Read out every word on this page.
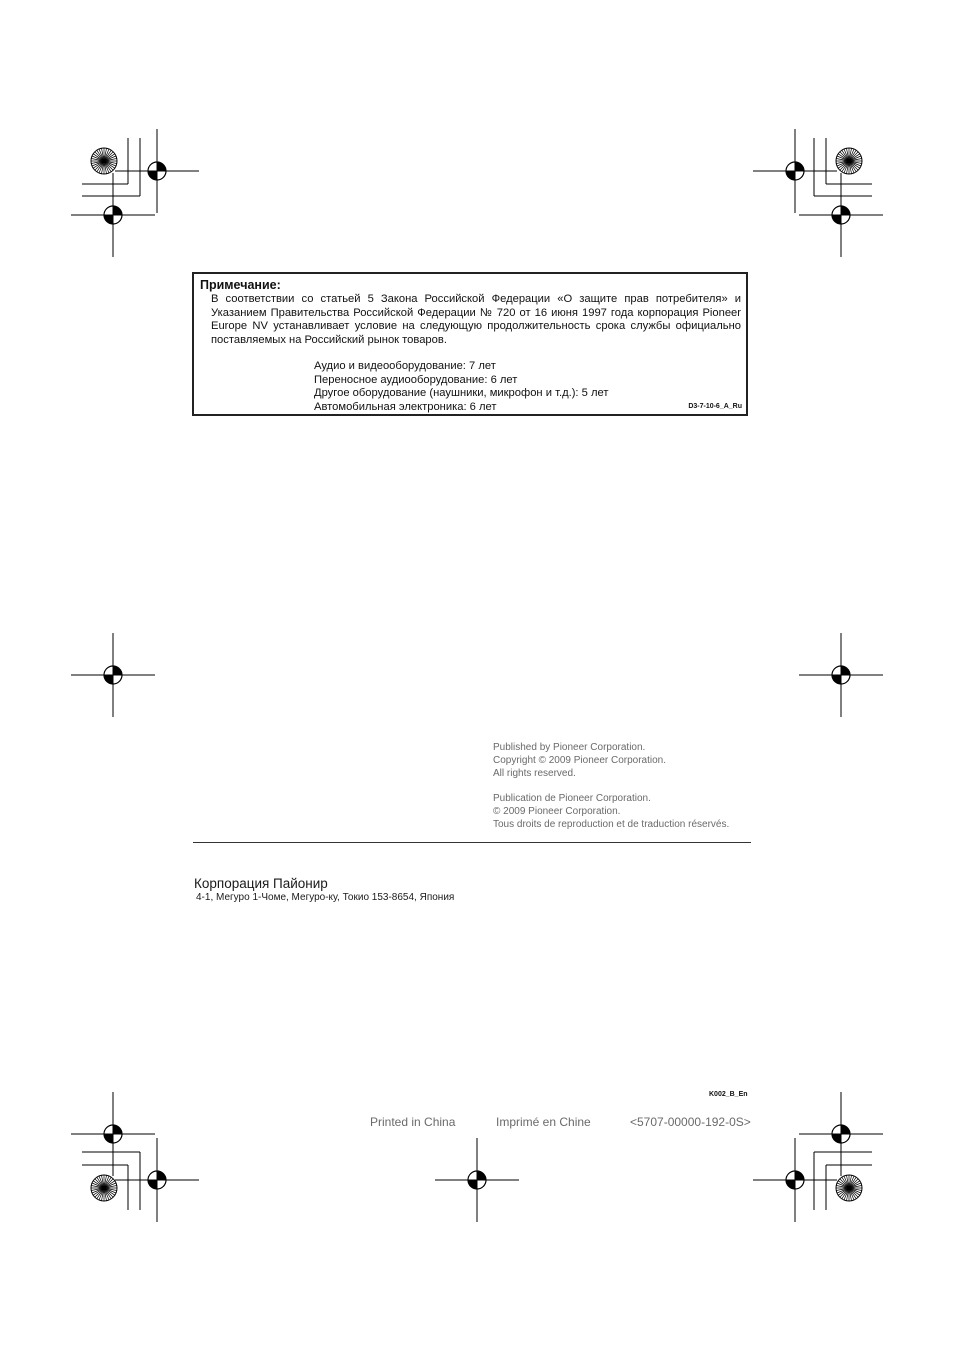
Примечание:
В соответствии со статьей 5 Закона Российской Федерации «О защите прав потребителя» и Указанием Правительства Российской Федерации № 720 от 16 июня 1997 года корпорация Pioneer Europe NV устанавливает условие на следующую продолжительность срока службы официально поставляемых на Российский рынок товаров.
Аудио и видеооборудование: 7 лет
Переносное аудиооборудование: 6 лет
Другое оборудование (наушники, микрофон и т.д.): 5 лет
Автомобильная электроника: 6 лет	D3-7-10-6_A_Ru
Published by Pioneer Corporation.
Copyright © 2009 Pioneer Corporation.
All rights reserved.
Publication de Pioneer Corporation.
© 2009 Pioneer Corporation.
Tous droits de reproduction et de traduction réservés.
Корпорация Пайонир
4-1, Мегуро 1-Чоме, Мегуро-ку, Токио 153-8654, Япония
K002_B_En
Printed in China	Imprimé en Chine	<5707-00000-192-0S>
